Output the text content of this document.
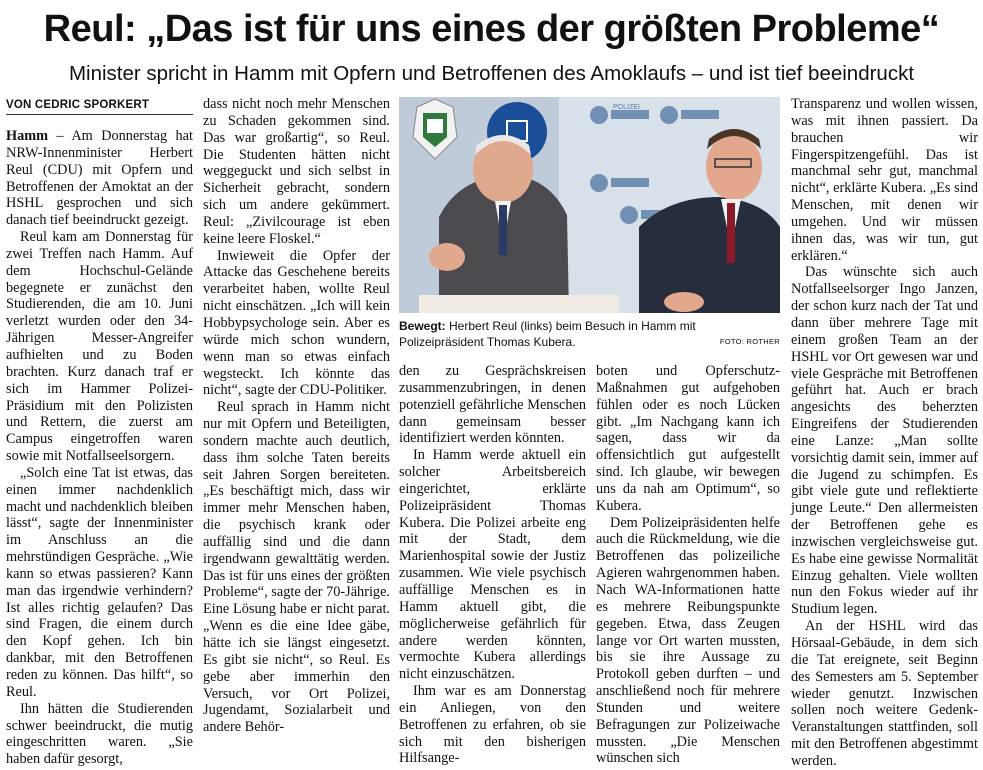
Reul: „Das ist für uns eines der größten Probleme“
Minister spricht in Hamm mit Opfern und Betroffenen des Amoklaufs – und ist tief beeindruckt
VON CEDRIC SPORKERT

Hamm – Am Donnerstag hat NRW-Innenminister Herbert Reul (CDU) mit Opfern und Betroffenen der Amoktat an der HSHL gesprochen und sich danach tief beeindruckt gezeigt.

Reul kam am Donnerstag für zwei Treffen nach Hamm. Auf dem Hochschul-Gelände begegnete er zunächst den Studierenden, die am 10. Juni verletzt wurden oder den 34-Jährigen Messer-Angreifer aufhielten und zu Boden brachten. Kurz danach traf er sich im Hammer Polizei-Präsidium mit den Polizisten und Rettern, die zuerst am Campus eingetroffen waren sowie mit Notfallseelsorgern.

„Solch eine Tat ist etwas, das einen immer nachdenklich macht und nachdenklich bleiben lässt“, sagte der Innenminister im Anschluss an die mehrstündigen Gespräche. „Wie kann so etwas passieren? Kann man das irgendwie verhindern? Ist alles richtig gelaufen? Das sind Fragen, die einem durch den Kopf gehen. Ich bin dankbar, mit den Betroffenen reden zu können. Das hilft“, so Reul.

Ihn hätten die Studierenden schwer beeindruckt, die mutig eingeschritten waren. „Sie haben dafür gesorgt,

dass nicht noch mehr Menschen zu Schaden gekommen sind. Das war großartig“, so Reul. Die Studenten hätten nicht weggeguckt und sich selbst in Sicherheit gebracht, sondern sich um andere gekümmert. Reul: „Zivilcourage ist eben keine leere Floskel.“

Inwieweit die Opfer der Attacke das Geschehene bereits verarbeitet haben, wollte Reul nicht einschätzen. „Ich will kein Hobbypsychologe sein. Aber es würde mich schon wundern, wenn man so etwas einfach wegsteckt. Ich könnte das nicht“, sagte der CDU-Politiker.

Reul sprach in Hamm nicht nur mit Opfern und Beteiligten, sondern machte auch deutlich, dass ihm solche Taten bereits seit Jahren Sorgen bereiteten. „Es beschäftigt mich, dass wir immer mehr Menschen haben, die psychisch krank oder auffällig sind und die dann irgendwann gewalttätig werden. Das ist für uns eines der größten Probleme“, sagte der 70-Jährige. Eine Lösung habe er nicht parat. „Wenn es die eine Idee gäbe, hätte ich sie längst eingesetzt. Es gibt sie nicht“, so Reul. Es gebe aber immerhin den Versuch, vor Ort Polizei, Jugendamt, Sozialarbeit und andere Behör-

POLIZEI
Bewegt: Herbert Reul (links) beim Besuch in Hamm mit Polizeipräsident Thomas Kubera.	FOTO: ROTHER

den zu Gesprächskreisen zusammenzubringen, in denen potenziell gefährliche Menschen dann gemeinsam besser identifiziert werden könnten.

In Hamm werde aktuell ein solcher Arbeitsbereich eingerichtet, erklärte Polizeipräsident Thomas Kubera. Die Polizei arbeite eng mit der Stadt, dem Marienhospital sowie der Justiz zusammen. Wie viele psychisch auffällige Menschen es in Hamm aktuell gibt, die möglicherweise gefährlich für andere werden könnten, vermochte Kubera allerdings nicht einzuschätzen.

Ihm war es am Donnerstag ein Anliegen, von den Betroffenen zu erfahren, ob sie sich mit den bisherigen Hilfsange-

boten und Opferschutz-Maßnahmen gut aufgehoben fühlen oder es noch Lücken gibt. „Im Nachgang kann ich sagen, dass wir da offensichtlich gut aufgestellt sind. Ich glaube, wir bewegen uns da nah am Optimum“, so Kubera.

Dem Polizeipräsidenten helfe auch die Rückmeldung, wie die Betroffenen das polizeiliche Agieren wahrgenommen haben. Nach WA-Informationen hatte es mehrere Reibungspunkte gegeben. Etwa, dass Zeugen lange vor Ort warten mussten, bis sie ihre Aussage zu Protokoll geben durften – und anschließend noch für mehrere Stunden und weitere Befragungen zur Polizeiwache mussten. „Die Menschen wünschen sich

Transparenz und wollen wissen, was mit ihnen passiert. Da brauchen wir Fingerspitzengefühl. Das ist manchmal sehr gut, manchmal nicht“, erklärte Kubera. „Es sind Menschen, mit denen wir umgehen. Und wir müssen ihnen das, was wir tun, gut erklären.“

Das wünschte sich auch Notfallseelsorger Ingo Janzen, der schon kurz nach der Tat und dann über mehrere Tage mit einem großen Team an der HSHL vor Ort gewesen war und viele Gespräche mit Betroffenen geführt hat. Auch er brach angesichts des beherzten Eingreifens der Studierenden eine Lanze: „Man sollte vorsichtig damit sein, immer auf die Jugend zu schimpfen. Es gibt viele gute und reflektierte junge Leute.“ Den allermeisten der Betroffenen gehe es inzwischen vergleichsweise gut. Es habe eine gewisse Normalität Einzug gehalten. Viele wollten nun den Fokus wieder auf ihr Studium legen.

An der HSHL wird das Hörsaal-Gebäude, in dem sich die Tat ereignete, seit Beginn des Semesters am 5. September wieder genutzt. Inzwischen sollen noch weitere Gedenk-Veranstaltungen stattfinden, soll mit den Betroffenen abgestimmt werden.
